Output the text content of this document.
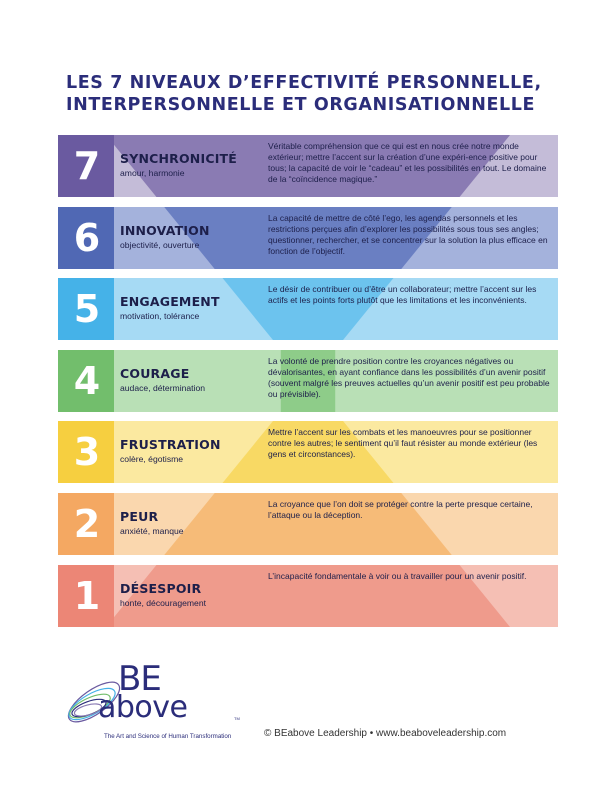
LES 7 NIVEAUX D’EFFECTIVITÉ PERSONNELLE,
INTERPERSONNELLE ET ORGANISATIONNELLE
7	SYNCHRONICITÉ
amour, harmonie
Véritable compréhension que ce qui est en nous crée notre monde extérieur; mettre l’accent sur la création d’une expéri-ence positive pour tous; la capacité de voir le “cadeau” et les possibilités en tout. Le domaine de la “coïncidence magique.”
6	INNOVATION
objectivité, ouverture
La capacité de mettre de côté l’ego, les agendas personnels et les restrictions perçues afin d’explorer les possibilités sous tous ses angles; questionner, rechercher, et se concentrer sur la solution la plus efficace en fonction de l’objectif.
5	ENGAGEMENT
motivation, tolérance
Le désir de contribuer ou d’être un collaborateur; mettre l’accent sur les actifs et les points forts plutôt que les limitations et les inconvénients.
4	COURAGE
audace, détermination
La volonté de prendre position contre les croyances négatives ou dévalorisantes, en ayant confiance dans les possibilités d’un avenir positif (souvent malgré les preuves actuelles qu’un avenir positif est peu probable ou prévisible).
3	FRUSTRATION
colère, égotisme
Mettre l’accent sur les combats et les manoeuvres pour se positionner contre les autres; le sentiment qu’il faut résister au monde extérieur (les gens et circonstances).
2	PEUR
anxiété, manque
La croyance que l’on doit se protéger contre la perte presque certaine, l’attaque ou la déception.
1	DÉSESPOIR
honte, découragement
L’incapacité fondamentale à voir ou à travailler pour un avenir positif.
BE
above	TM
The Art and Science of Human Transformation	© BEabove Leadership • www.beaboveleadership.com
